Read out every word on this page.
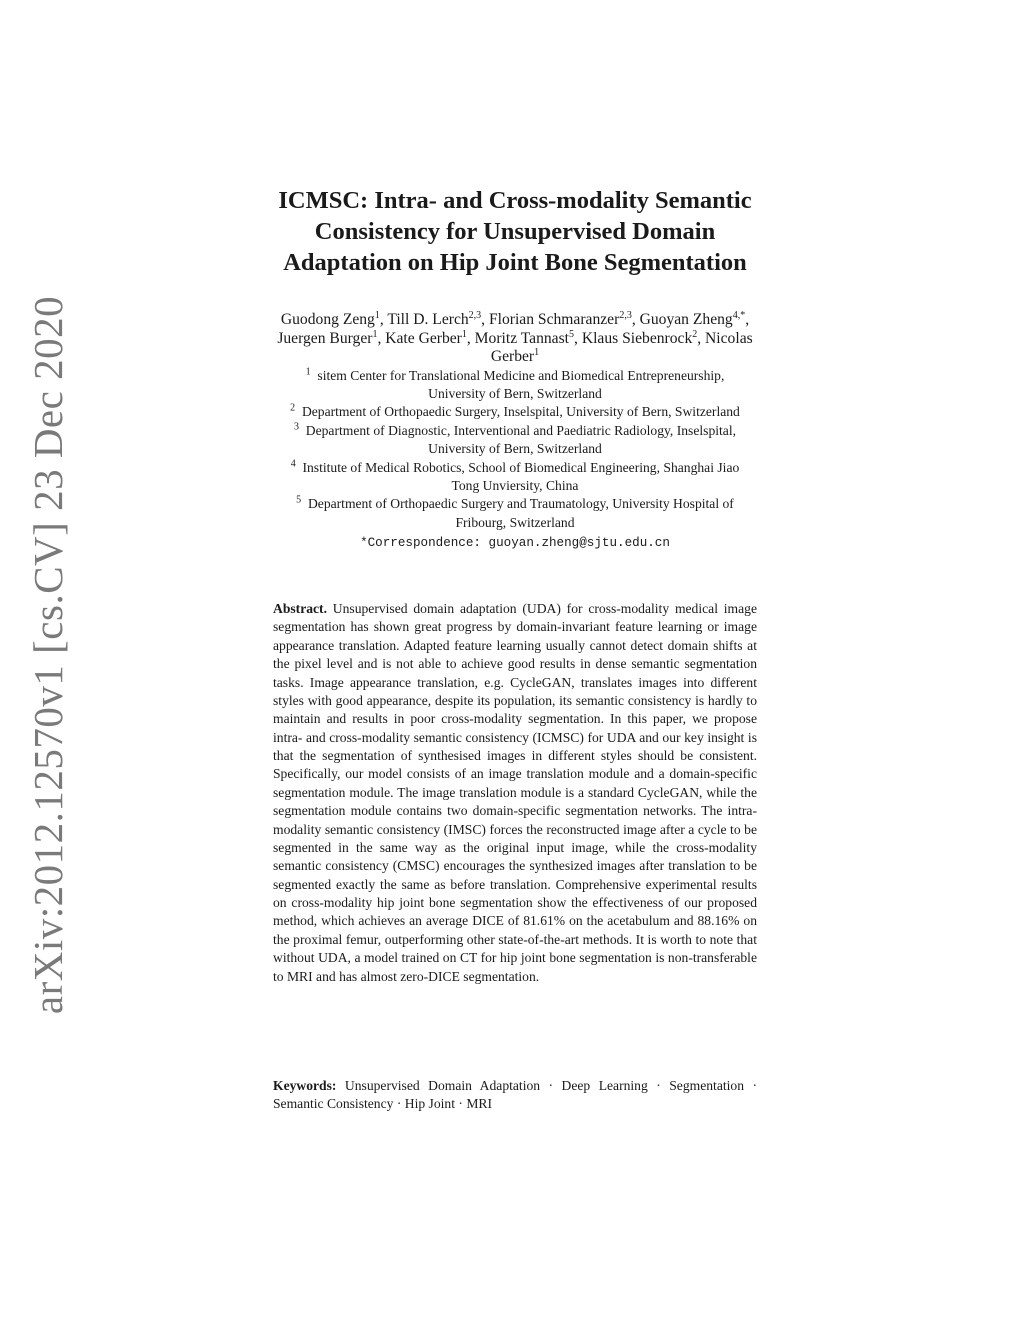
arXiv:2012.12570v1 [cs.CV] 23 Dec 2020
ICMSC: Intra- and Cross-modality Semantic
Consistency for Unsupervised Domain
Adaptation on Hip Joint Bone Segmentation
Guodong Zeng$^1$, Till D. Lerch$^{2,3}$, Florian Schmaranzer$^{2,3}$, Guoyan Zheng$^{4,*}$,
Juergen Burger$^1$, Kate Gerber$^1$, Moritz Tannast$^5$, Klaus Siebenrock$^2$, Nicolas
Gerber$^1$
$^1$ sitem Center for Translational Medicine and Biomedical Entrepreneurship,
University of Bern, Switzerland
$^2$ Department of Orthopaedic Surgery, Inselspital, University of Bern, Switzerland
$^3$ Department of Diagnostic, Interventional and Paediatric Radiology, Inselspital,
University of Bern, Switzerland
$^4$ Institute of Medical Robotics, School of Biomedical Engineering, Shanghai Jiao
Tong Unviersity, China
$^5$ Department of Orthopaedic Surgery and Traumatology, University Hospital of
Fribourg, Switzerland
*Correspondence: guoyan.zheng@sjtu.edu.cn
Abstract. Unsupervised domain adaptation (UDA) for cross-modality medical image segmentation has shown great progress by domain-invariant feature learning or image appearance translation. Adapted feature learning usually cannot detect domain shifts at the pixel level and is not able to achieve good results in dense semantic segmentation tasks. Image appearance translation, e.g. CycleGAN, translates images into different styles with good appearance, despite its population, its semantic consistency is hardly to maintain and results in poor cross-modality segmentation. In this paper, we propose intra- and cross-modality semantic consistency (ICMSC) for UDA and our key insight is that the segmentation of synthesised images in different styles should be consistent. Specifically, our model consists of an image translation module and a domain-specific segmentation module. The image translation module is a standard CycleGAN, while the segmentation module contains two domain-specific segmentation networks. The intra-modality semantic consistency (IMSC) forces the reconstructed image after a cycle to be segmented in the same way as the original input image, while the cross-modality semantic consistency (CMSC) encourages the synthesized images after translation to be segmented exactly the same as before translation. Comprehensive experimental results on cross-modality hip joint bone segmentation show the effectiveness of our proposed method, which achieves an average DICE of 81.61% on the acetabulum and 88.16% on the proximal femur, outperforming other state-of-the-art methods. It is worth to note that without UDA, a model trained on CT for hip joint bone segmentation is non-transferable to MRI and has almost zero-DICE segmentation.
Keywords: Unsupervised Domain Adaptation · Deep Learning · Segmentation · Semantic Consistency · Hip Joint · MRI
